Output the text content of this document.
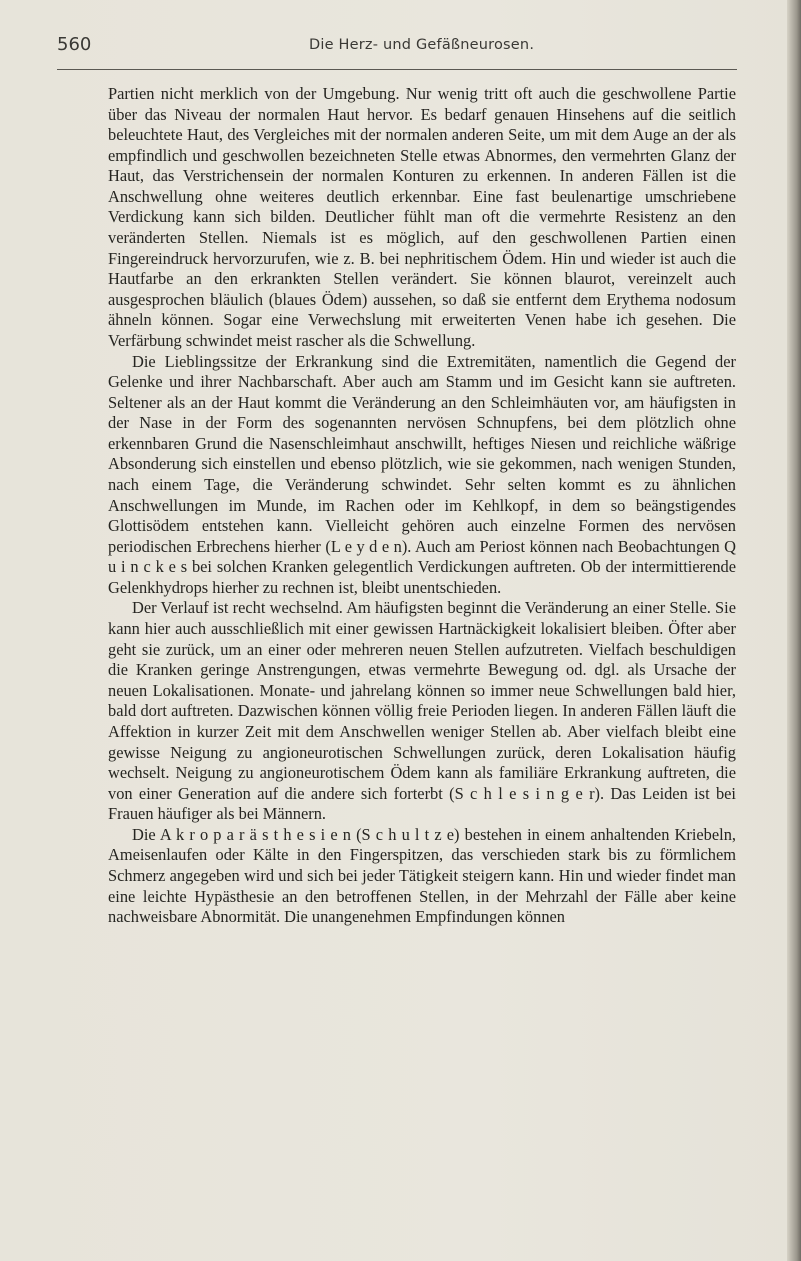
560	Die Herz- und Gefäßneurosen.

Partien nicht merklich von der Umgebung. Nur wenig tritt oft auch die geschwollene Partie über das Niveau der normalen Haut hervor. Es bedarf genauen Hinsehens auf die seitlich beleuchtete Haut, des Vergleiches mit der normalen anderen Seite, um mit dem Auge an der als empfindlich und geschwollen bezeichneten Stelle etwas Abnormes, den vermehrten Glanz der Haut, das Verstrichensein der normalen Konturen zu erkennen. In anderen Fällen ist die Anschwellung ohne weiteres deutlich erkennbar. Eine fast beulenartige umschriebene Verdickung kann sich bilden. Deutlicher fühlt man oft die vermehrte Resistenz an den veränderten Stellen. Niemals ist es möglich, auf den geschwollenen Partien einen Fingereindruck hervorzurufen, wie z. B. bei nephritischem Ödem. Hin und wieder ist auch die Hautfarbe an den erkrankten Stellen verändert. Sie können blaurot, vereinzelt auch ausgesprochen bläulich (blaues Ödem) aussehen, so daß sie entfernt dem Erythema nodosum ähneln können. Sogar eine Verwechslung mit erweiterten Venen habe ich gesehen. Die Verfärbung schwindet meist rascher als die Schwellung.

Die Lieblingssitze der Erkrankung sind die Extremitäten, namentlich die Gegend der Gelenke und ihrer Nachbarschaft. Aber auch am Stamm und im Gesicht kann sie auftreten. Seltener als an der Haut kommt die Veränderung an den Schleimhäuten vor, am häufigsten in der Nase in der Form des sogenannten nervösen Schnupfens, bei dem plötzlich ohne erkennbaren Grund die Nasenschleimhaut anschwillt, heftiges Niesen und reichliche wäßrige Absonderung sich einstellen und ebenso plötzlich, wie sie gekommen, nach wenigen Stunden, nach einem Tage, die Veränderung schwindet. Sehr selten kommt es zu ähnlichen Anschwellungen im Munde, im Rachen oder im Kehlkopf, in dem so beängstigendes Glottisödem entstehen kann. Vielleicht gehören auch einzelne Formen des nervösen periodischen Erbrechens hierher (L e y d e n). Auch am Periost können nach Beobachtungen Q u i n c k e s bei solchen Kranken gelegentlich Verdickungen auftreten. Ob der intermittierende Gelenkhydrops hierher zu rechnen ist, bleibt unentschieden.

Der Verlauf ist recht wechselnd. Am häufigsten beginnt die Veränderung an einer Stelle. Sie kann hier auch ausschließlich mit einer gewissen Hartnäckigkeit lokalisiert bleiben. Öfter aber geht sie zurück, um an einer oder mehreren neuen Stellen aufzutreten. Vielfach beschuldigen die Kranken geringe Anstrengungen, etwas vermehrte Bewegung od. dgl. als Ursache der neuen Lokalisationen. Monate- und jahrelang können so immer neue Schwellungen bald hier, bald dort auftreten. Dazwischen können völlig freie Perioden liegen. In anderen Fällen läuft die Affektion in kurzer Zeit mit dem Anschwellen weniger Stellen ab. Aber vielfach bleibt eine gewisse Neigung zu angioneurotischen Schwellungen zurück, deren Lokalisation häufig wechselt. Neigung zu angioneurotischem Ödem kann als familiäre Erkrankung auftreten, die von einer Generation auf die andere sich forterbt (S c h l e s i n g e r). Das Leiden ist bei Frauen häufiger als bei Männern.

Die A k r o p a r ä s t h e s i e n (S c h u l t z e) bestehen in einem anhaltenden Kriebeln, Ameisenlaufen oder Kälte in den Fingerspitzen, das verschieden stark bis zu förmlichem Schmerz angegeben wird und sich bei jeder Tätigkeit steigern kann. Hin und wieder findet man eine leichte Hypästhesie an den betroffenen Stellen, in der Mehrzahl der Fälle aber keine nachweisbare Abnormität. Die unangenehmen Empfindungen können
